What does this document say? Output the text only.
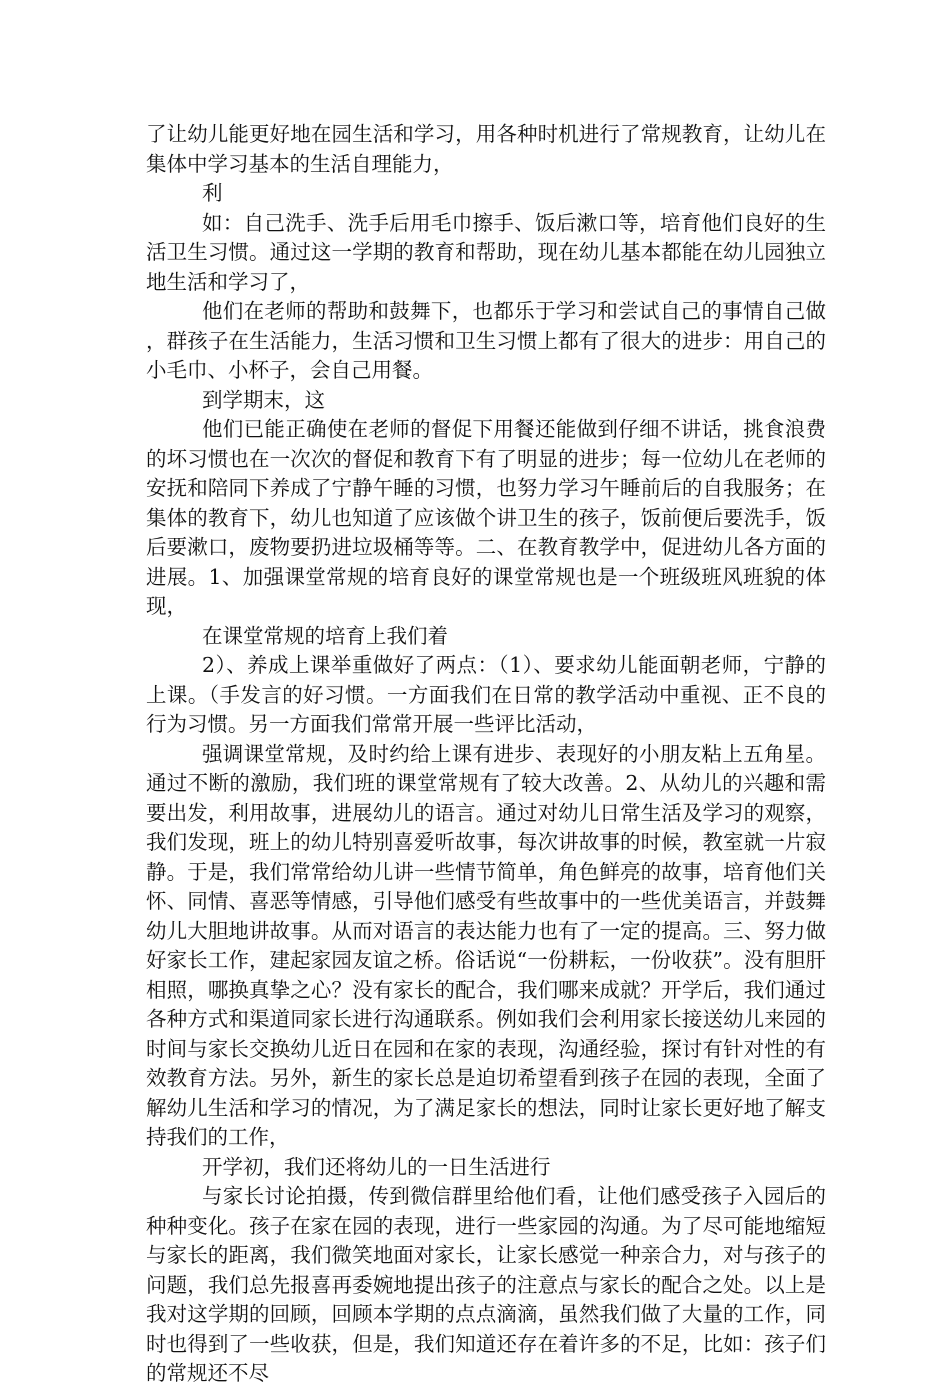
了让幼儿能更好地在园生活和学习，用各种时机进行了常规教育，让幼儿在集体中学习基本的生活自理能力，

利

如：自己洗手、洗手后用毛巾擦手、饭后漱口等，培育他们良好的生活卫生习惯。通过这一学期的教育和帮助，现在幼儿基本都能在幼儿园独立地生活和学习了，

他们在老师的帮助和鼓舞下，也都乐于学习和尝试自己的事情自己做，群孩子在生活能力，生活习惯和卫生习惯上都有了很大的进步：用自己的小毛巾、小杯子，会自己用餐。

到学期末，这

他们已能正确使在老师的督促下用餐还能做到仔细不讲话，挑食浪费的坏习惯也在一次次的督促和教育下有了明显的进步；每一位幼儿在老师的安抚和陪同下养成了宁静午睡的习惯，也努力学习午睡前后的自我服务；在集体的教育下，幼儿也知道了应该做个讲卫生的孩子，饭前便后要洗手，饭后要漱口，废物要扔进垃圾桶等等。二、在教育教学中，促进幼儿各方面的进展。1、加强课堂常规的培育良好的课堂常规也是一个班级班风班貌的体现，

在课堂常规的培育上我们着

2）、养成上课举重做好了两点：（1）、要求幼儿能面朝老师，宁静的上课。（手发言的好习惯。一方面我们在日常的教学活动中重视、正不良的行为习惯。另一方面我们常常开展一些评比活动，

强调课堂常规，及时约给上课有进步、表现好的小朋友粘上五角星。通过不断的激励，我们班的课堂常规有了较大改善。2、从幼儿的兴趣和需要出发，利用故事，进展幼儿的语言。通过对幼儿日常生活及学习的观察，我们发现，班上的幼儿特别喜爱听故事，每次讲故事的时候，教室就一片寂静。于是，我们常常给幼儿讲一些情节简单，角色鲜亮的故事，培育他们关怀、同情、喜恶等情感，引导他们感受有些故事中的一些优美语言，并鼓舞幼儿大胆地讲故事。从而对语言的表达能力也有了一定的提高。三、努力做好家长工作，建起家园友谊之桥。俗话说“一份耕耘，一份收获”。没有胆肝相照，哪换真挚之心？没有家长的配合，我们哪来成就？开学后，我们通过各种方式和渠道同家长进行沟通联系。例如我们会利用家长接送幼儿来园的时间与家长交换幼儿近日在园和在家的表现，沟通经验，探讨有针对性的有效教育方法。另外，新生的家长总是迫切希望看到孩子在园的表现，全面了解幼儿生活和学习的情况，为了满足家长的想法，同时让家长更好地了解支持我们的工作，

开学初，我们还将幼儿的一日生活进行

与家长讨论拍摄，传到微信群里给他们看，让他们感受孩子入园后的种种变化。孩子在家在园的表现，进行一些家园的沟通。为了尽可能地缩短与家长的距离，我们微笑地面对家长，让家长感觉一种亲合力，对与孩子的问题，我们总先报喜再委婉地提出孩子的注意点与家长的配合之处。以上是我对这学期的回顾，回顾本学期的点点滴滴，虽然我们做了大量的工作，同时也得到了一些收获，但是，我们知道还存在着许多的不足，比如：孩子们的常规还不尽
